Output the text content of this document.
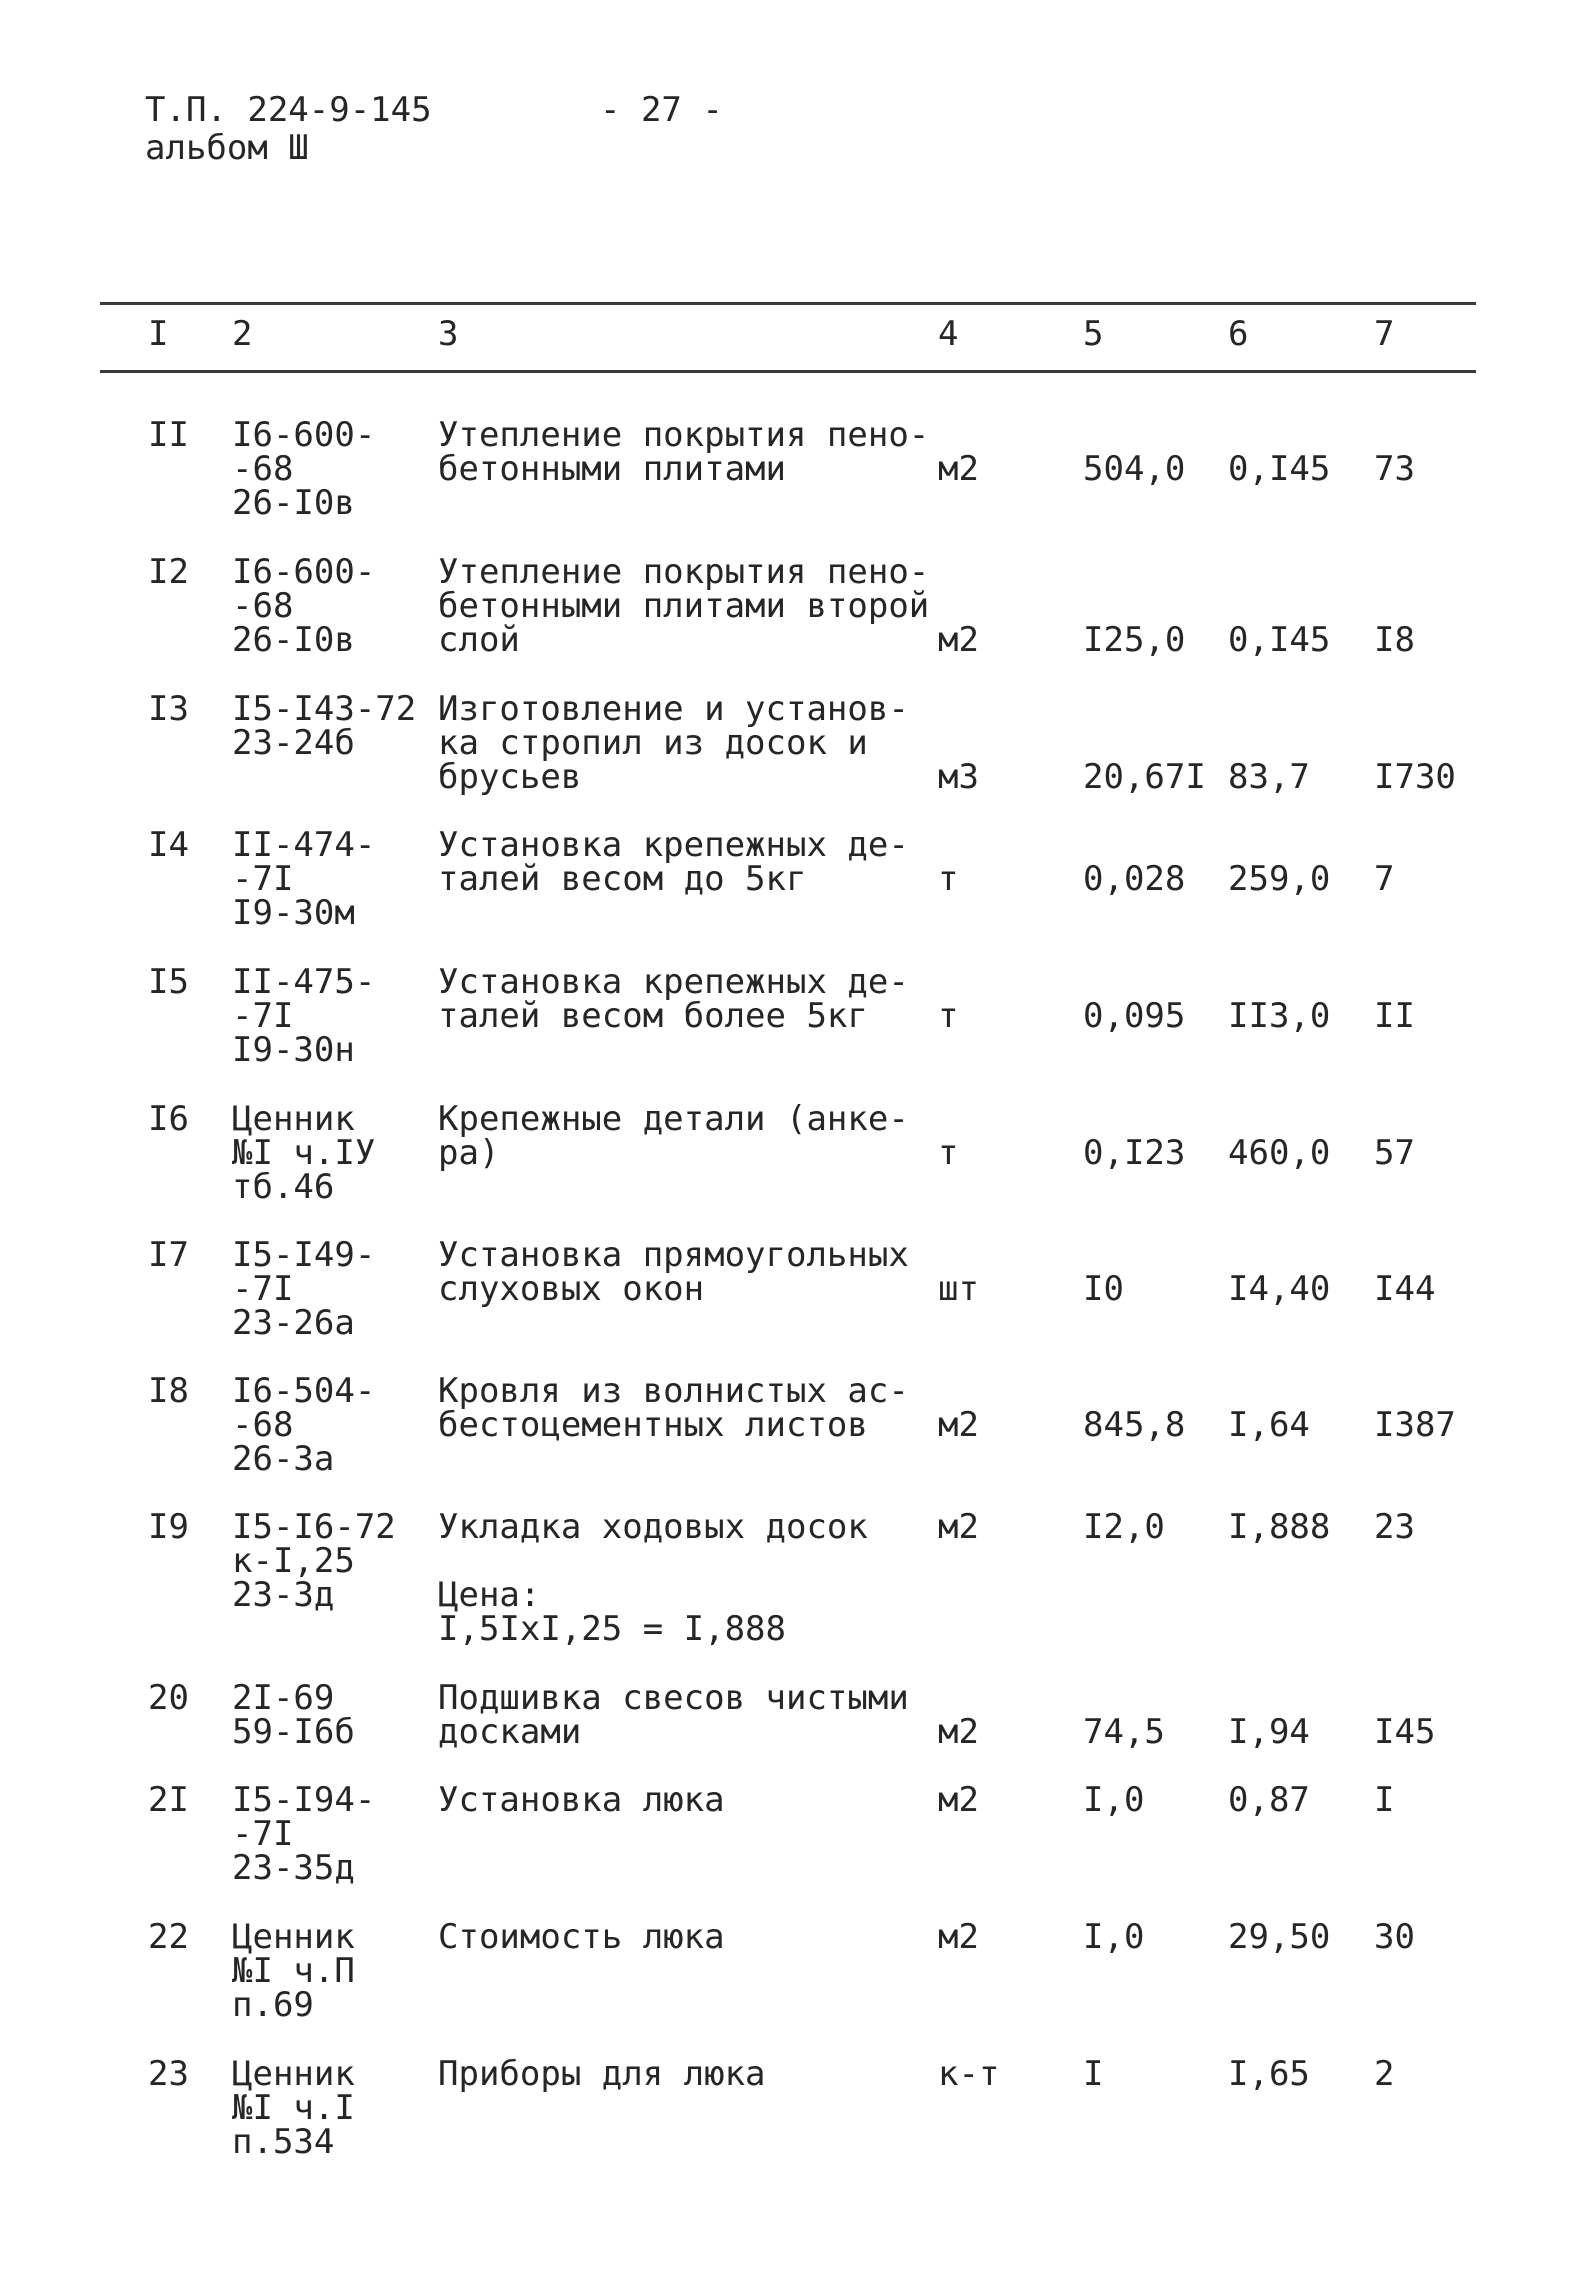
Т.П. 224-9-145	- 27 -
альбом Ш
I 2	3	4	5	6	7
II I6-600-
-68
26-I0в
Утепление покрытия пено-
бетонными плитами	м2	504,0 0,I45 73
I2 I6-600-
-68
26-I0в
Утепление покрытия пено-
бетонными плитами второй
слой	м2	I25,0 0,I45 I8
I3 I5-I43-72
23-24б
Изготовление и установ-
ка стропил из досок и
брусьев	м3	20,67I 83,7 I730
I4 II-474-
-7I
I9-30м
Установка крепежных де-
талей весом до 5кг	т	0,028 259,0 7
I5 II-475-
-7I
I9-30н
Установка крепежных де-
талей весом более 5кг	т	0,095 II3,0 II
I6 Ценник
№I ч.IУ
тб.46
Крепежные детали (анке-
ра)	т	0,I23 460,0 57
I7 I5-I49-
-7I
23-26а
Установка прямоугольных
слуховых окон	шт	I0	I4,40 I44
I8 I6-504-
-68
26-3а
Кровля из волнистых ас-
бестоцементных листов	м2	845,8 I,64 I387
I9 I5-I6-72
к-I,25
23-3д
Укладка ходовых досок
Цена:
I,5IхI,25 = I,888
м2	I2,0 I,888 23
20 2I-69
59-I6б
Подшивка свесов чистыми
досками	м2	74,5 I,94 I45
2I I5-I94-
-7I
23-35д
Установка люка	м2	I,0 0,87 I
22 Ценник
№I ч.П
п.69
Стоимость люка	м2	I,0 29,50 30
23 Ценник
№I ч.I
п.534
Приборы для люка	к-т I	I,65 2
